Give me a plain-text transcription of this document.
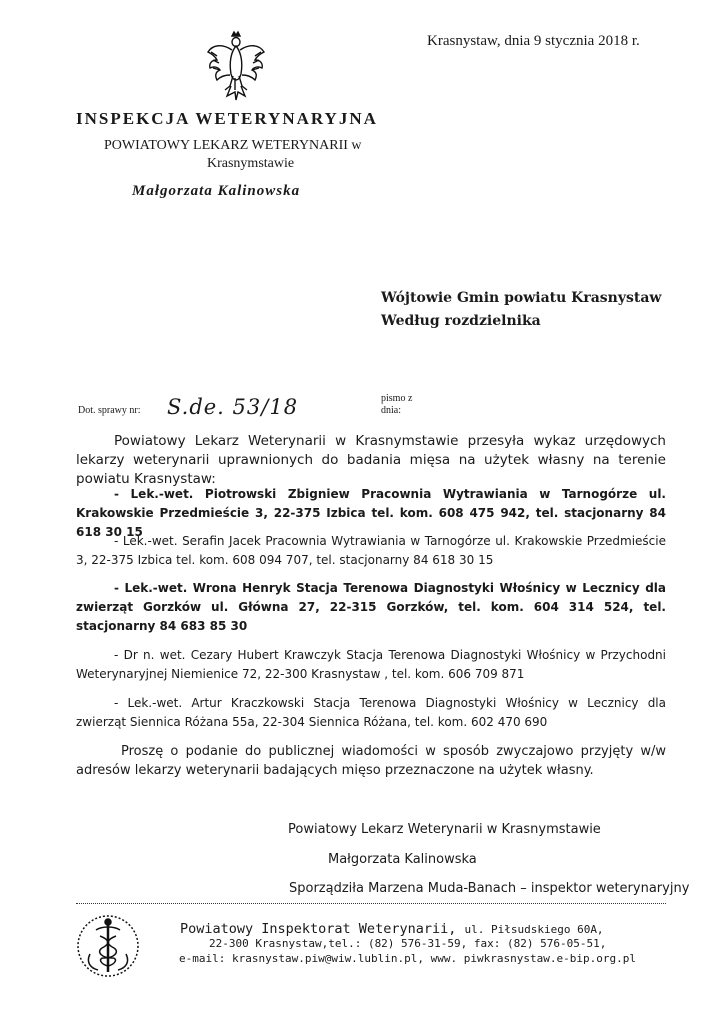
Krasnystaw, dnia 9 stycznia 2018 r.
INSPEKCJA WETERYNARYJNA
POWIATOWY LEKARZ WETERYNARII w
Krasnymstawie
Małgorzata Kalinowska
Wójtowie Gmin powiatu Krasnystaw
Według rozdzielnika
Dot. sprawy nr: S.de. 53/18	pismo z
dnia:
Powiatowy Lekarz Weterynarii w Krasnymstawie przesyła wykaz urzędowych lekarzy weterynarii uprawnionych do badania mięsa na użytek własny na terenie powiatu Krasnystaw:
- Lek.-wet. Piotrowski Zbigniew Pracownia Wytrawiania w Tarnogórze ul. Krakowskie Przedmieście 3, 22-375 Izbica tel. kom. 608 475 942, tel. stacjonarny 84 618 30 15
- Lek.-wet. Serafin Jacek Pracownia Wytrawiania w Tarnogórze ul. Krakowskie Przedmieście 3, 22-375 Izbica tel. kom. 608 094 707, tel. stacjonarny 84 618 30 15
- Lek.-wet. Wrona Henryk Stacja Terenowa Diagnostyki Włośnicy w Lecznicy dla zwierząt Gorzków ul. Główna 27, 22-315 Gorzków, tel. kom. 604 314 524, tel. stacjonarny 84 683 85 30
- Dr n. wet. Cezary Hubert Krawczyk Stacja Terenowa Diagnostyki Włośnicy w Przychodni Weterynaryjnej Niemienice 72, 22-300 Krasnystaw , tel. kom. 606 709 871
- Lek.-wet. Artur Kraczkowski Stacja Terenowa Diagnostyki Włośnicy w Lecznicy dla zwierząt Siennica Różana 55a, 22-304 Siennica Różana, tel. kom. 602 470 690
Proszę o podanie do publicznej wiadomości w sposób zwyczajowo przyjęty w/w adresów lekarzy weterynarii badających mięso przeznaczone na użytek własny.
Powiatowy Lekarz Weterynarii w Krasnymstawie
Małgorzata Kalinowska
Sporządziła Marzena Muda-Banach – inspektor weterynaryjny
Powiatowy Inspektorat Weterynarii, ul. Piłsudskiego 60A,
22-300 Krasnystaw,tel.: (82) 576-31-59, fax: (82) 576-05-51,
e-mail: krasnystaw.piw@wiw.lublin.pl, www. piwkrasnystaw.e-bip.org.pl
